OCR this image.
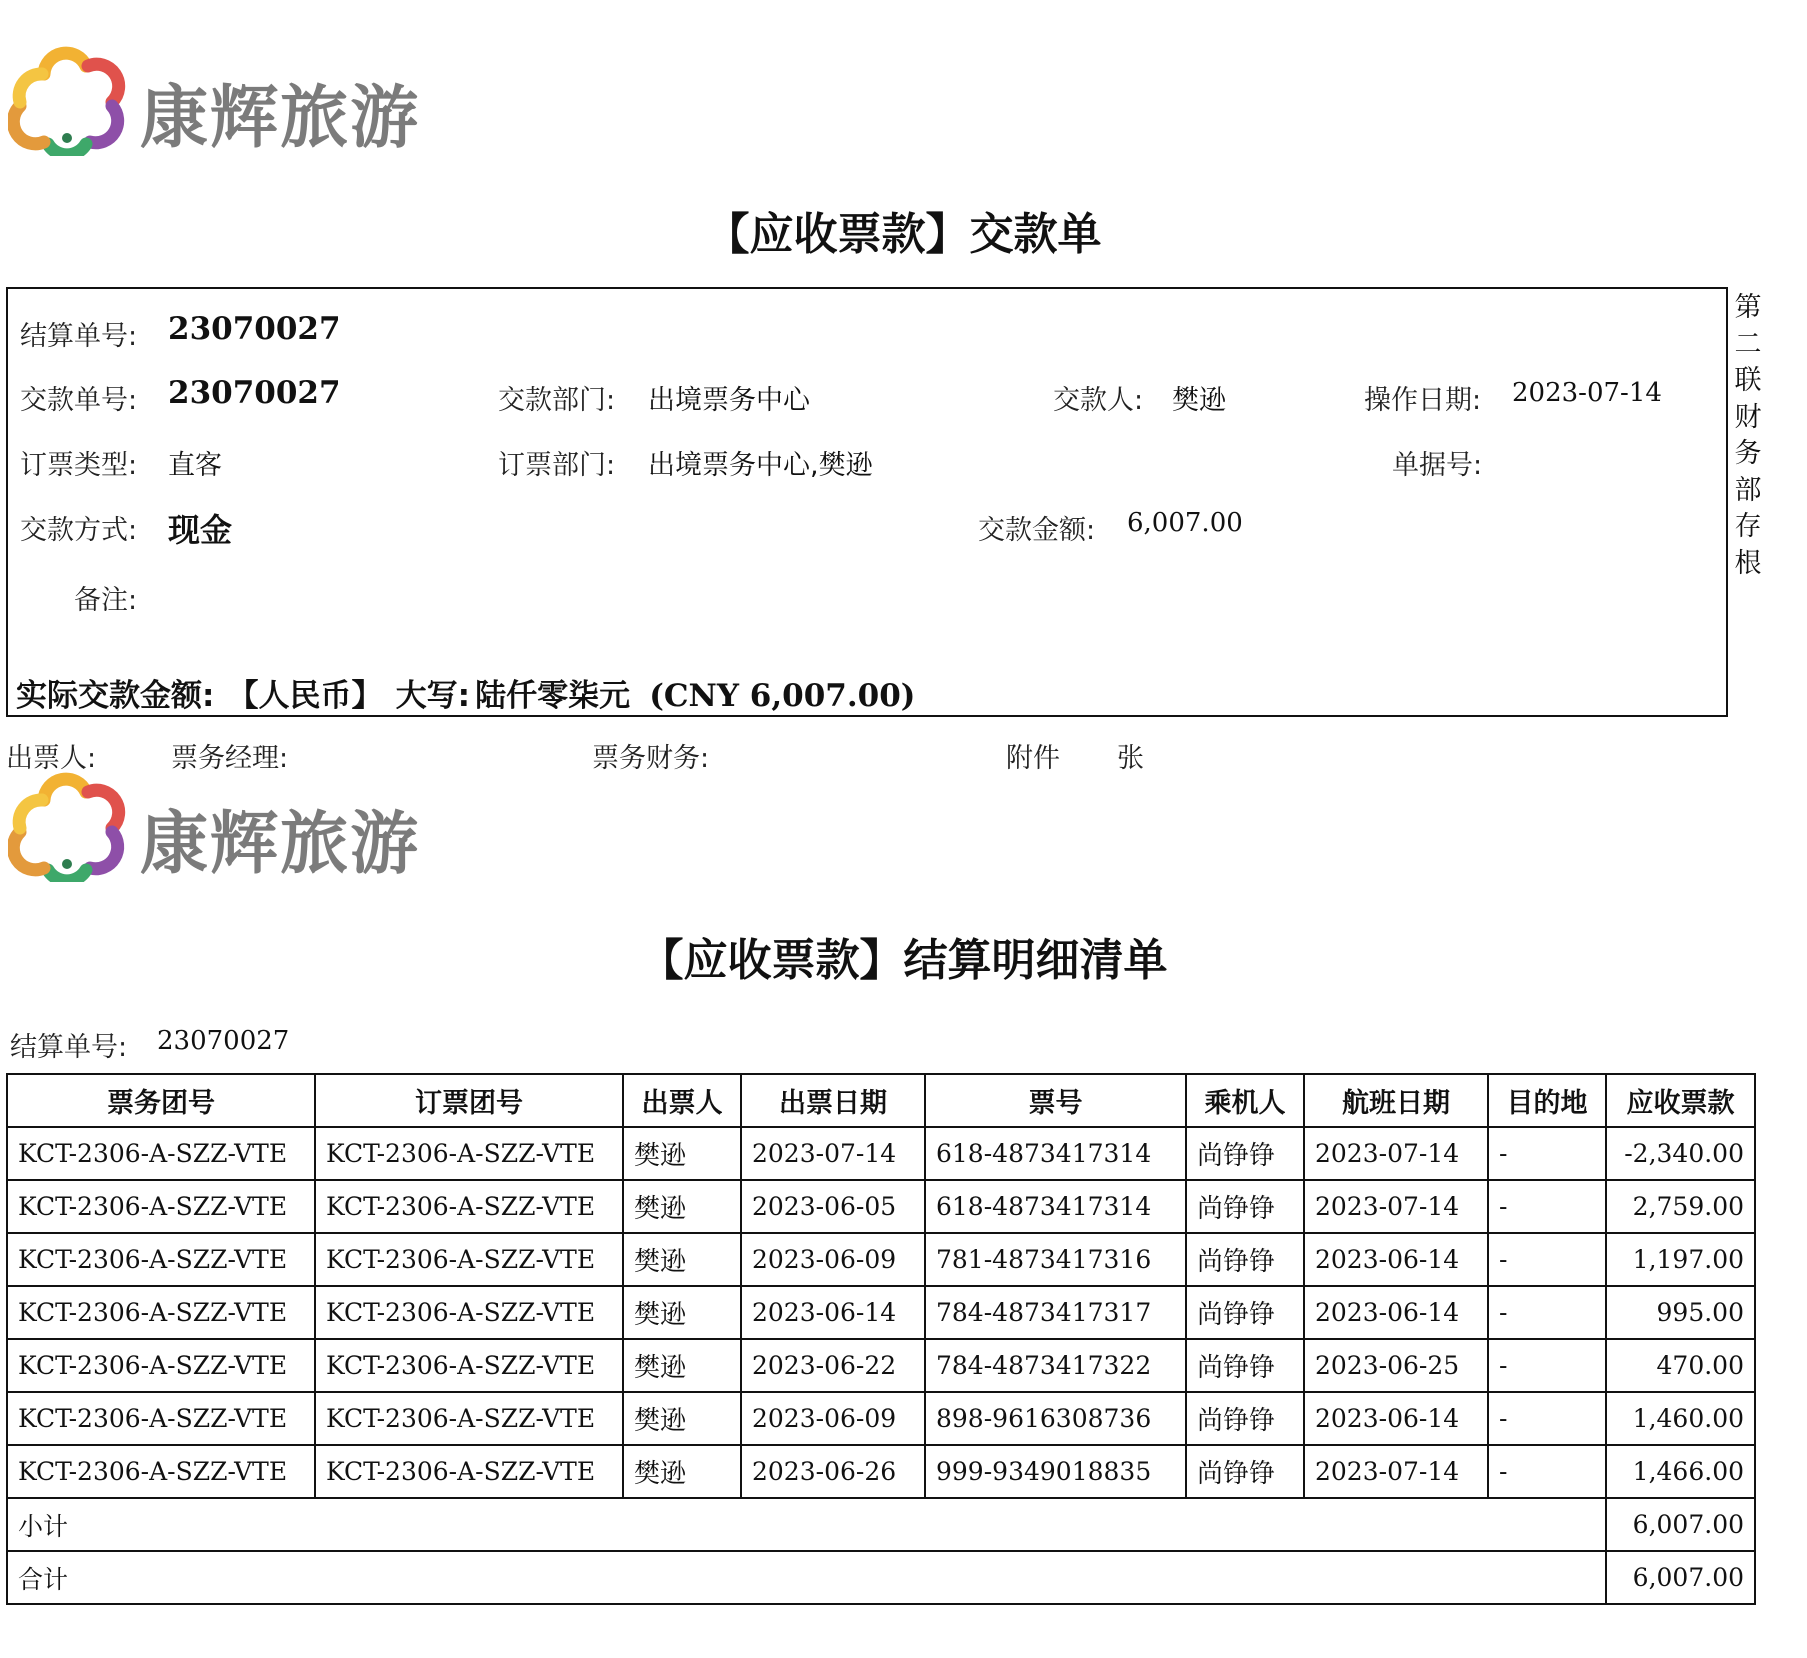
康辉旅游
【应收票款】交款单
结算单号: 23070027
交款单号: 23070027	交款部门: 出境票务中心	交款人: 樊逊	操作日期: 2023-07-14
订票类型: 直客	订票部门: 出境票务中心,樊逊	单据号:
交款方式: 现金	交款金额: 6,007.00
备注:
实际交款金额: 【人民币】 大写: 陆仟零柒元 (CNY 6,007.00)
第二联财务部存根
出票人:	票务经理:	票务财务:	附件 张
康辉旅游
【应收票款】结算明细清单
结算单号: 23070027
票务团号	订票团号	出票人	出票日期	票号	乘机人	航班日期	目的地	应收票款
KCT-2306-A-SZZ-VTE	KCT-2306-A-SZZ-VTE	樊逊	2023-07-14	618-4873417314	尚铮铮	2023-07-14	-	-2,340.00
KCT-2306-A-SZZ-VTE	KCT-2306-A-SZZ-VTE	樊逊	2023-06-05	618-4873417314	尚铮铮	2023-07-14	-	2,759.00
KCT-2306-A-SZZ-VTE	KCT-2306-A-SZZ-VTE	樊逊	2023-06-09	781-4873417316	尚铮铮	2023-06-14	-	1,197.00
KCT-2306-A-SZZ-VTE	KCT-2306-A-SZZ-VTE	樊逊	2023-06-14	784-4873417317	尚铮铮	2023-06-14	-	995.00
KCT-2306-A-SZZ-VTE	KCT-2306-A-SZZ-VTE	樊逊	2023-06-22	784-4873417322	尚铮铮	2023-06-25	-	470.00
KCT-2306-A-SZZ-VTE	KCT-2306-A-SZZ-VTE	樊逊	2023-06-09	898-9616308736	尚铮铮	2023-06-14	-	1,460.00
KCT-2306-A-SZZ-VTE	KCT-2306-A-SZZ-VTE	樊逊	2023-06-26	999-9349018835	尚铮铮	2023-07-14	-	1,466.00
小计								6,007.00
合计								6,007.00
